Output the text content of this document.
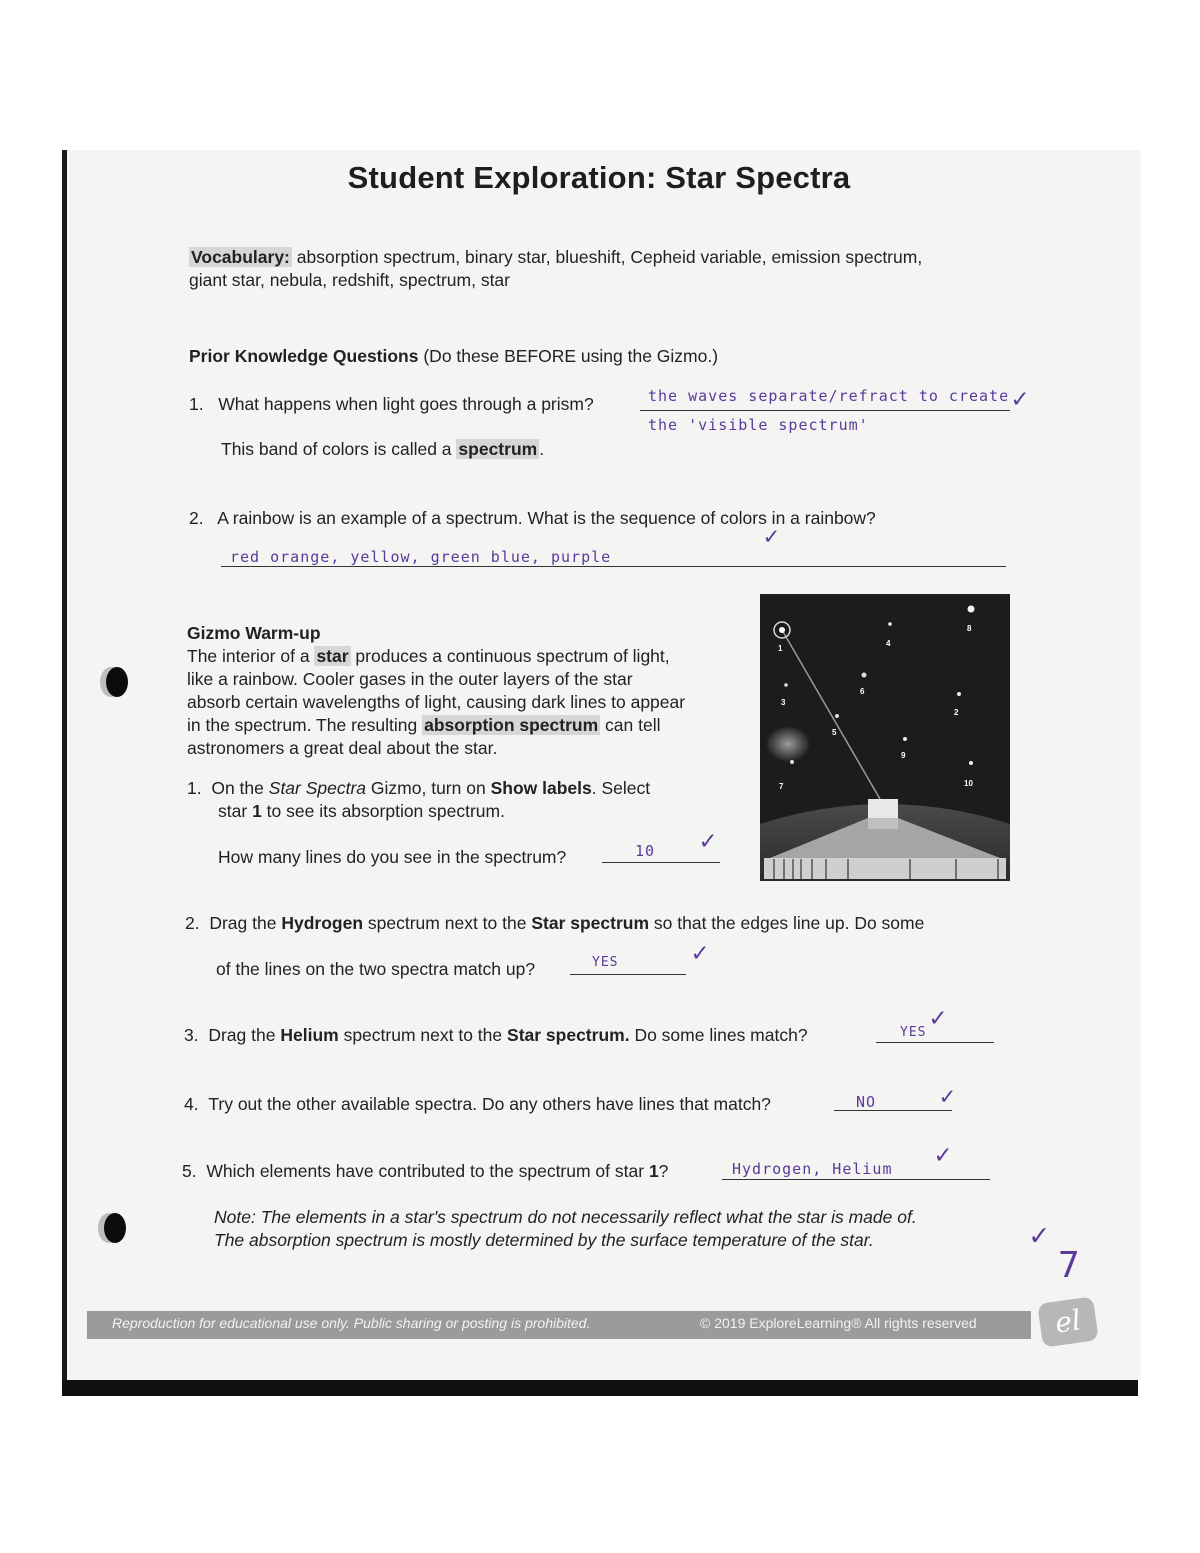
Student Exploration: Star Spectra
Vocabulary: absorption spectrum, binary star, blueshift, Cepheid variable, emission spectrum,
giant star, nebula, redshift, spectrum, star
Prior Knowledge Questions (Do these BEFORE using the Gizmo.)
1. What happens when light goes through a prism?	the waves separate/refract to create
the 'visible spectrum'
✓
This band of colors is called a spectrum .
2. A rainbow is an example of a spectrum. What is the sequence of colors in a rainbow?
✓
red orange, yellow, green blue, purple
Gizmo Warm-up
The interior of a star produces a continuous spectrum of light,
like a rainbow. Cooler gases in the outer layers of the star
absorb certain wavelengths of light, causing dark lines to appear
in the spectrum. The resulting absorption spectrum can tell
astronomers a great deal about the star.
1
4
8
3
6
2
5
9
7	10
1. On the Star Spectra Gizmo, turn on Show labels. Select
star 1 to see its absorption spectrum.
How many lines do you see in the spectrum?	10 ✓
2. Drag the Hydrogen spectrum next to the Star spectrum so that the edges line up. Do some
of the lines on the two spectra match up?	YES	✓
3. Drag the Helium spectrum next to the Star spectrum. Do some lines match?	YES ✓
4. Try out the other available spectra. Do any others have lines that match?	NO	✓
5. Which elements have contributed to the spectrum of star 1?	Hydrogen, Helium ✓
Note: The elements in a star's spectrum do not necessarily reflect what the star is made of.
The absorption spectrum is mostly determined by the surface temperature of the star.	✓
7
Reproduction for educational use only. Public sharing or posting is prohibited.	© 2019 ExploreLearning® All rights reserved	el
